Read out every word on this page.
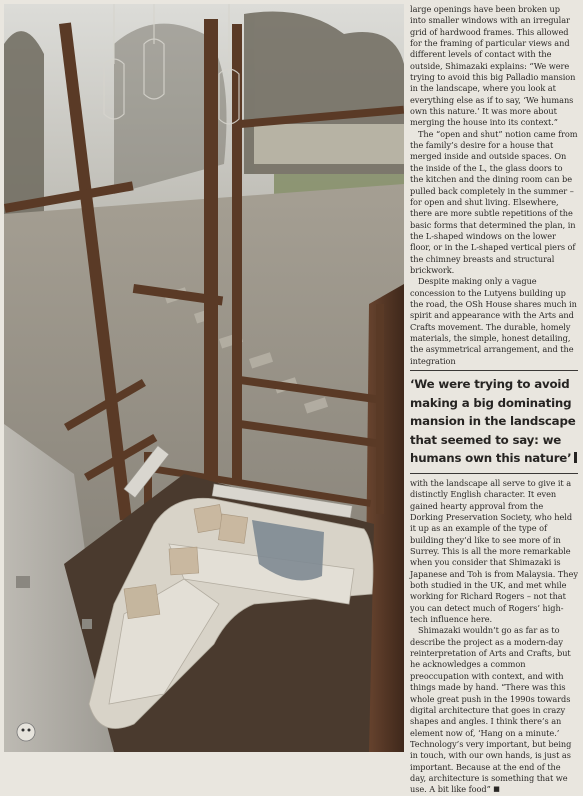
large openings have been broken up into smaller windows with an irregular grid of hardwood frames. This allowed for the framing of particular views and different levels of contact with the outside, Shimazaki explains: “We were trying to avoid this big Palladio mansion in the landscape, where you look at everything else as if to say, ‘We humans own this nature.’ It was more about merging the house into its context.”

The “open and shut” notion came from the family’s desire for a house that merged inside and outside spaces. On the inside of the L, the glass doors to the kitchen and the dining room can be pulled back completely in the summer – for open and shut living. Elsewhere, there are more subtle repetitions of the basic forms that determined the plan, in the L-shaped windows on the lower floor, or in the L-shaped vertical piers of the chimney breasts and structural brickwork.

Despite making only a vague concession to the Lutyens building up the road, the OSh House shares much in spirit and appearance with the Arts and Crafts movement. The durable, homely materials, the simple, honest detailing, the asymmetrical arrangement, and the integration

‘We were trying to avoid making a big dominating mansion in the landscape that seemed to say: we humans own this nature’

with the landscape all serve to give it a distinctly English character. It even gained hearty approval from the Dorking Preservation Society, who held it up as an example of the type of building they’d like to see more of in Surrey. This is all the more remarkable when you consider that Shimazaki is Japanese and Toh is from Malaysia. They both studied in the UK, and met while working for Richard Rogers – not that you can detect much of Rogers’ high-tech influence here.

Shimazaki wouldn’t go as far as to describe the project as a modern-day reinterpretation of Arts and Crafts, but he acknowledges a common preoccupation with context, and with things made by hand. “There was this whole great push in the 1990s towards digital architecture that goes in crazy shapes and angles. I think there’s an element now of, ‘Hang on a minute.’ Technology’s very important, but being in touch, with our own hands, is just as important. Because at the end of the day, architecture is something that we use. A bit like food” ■
